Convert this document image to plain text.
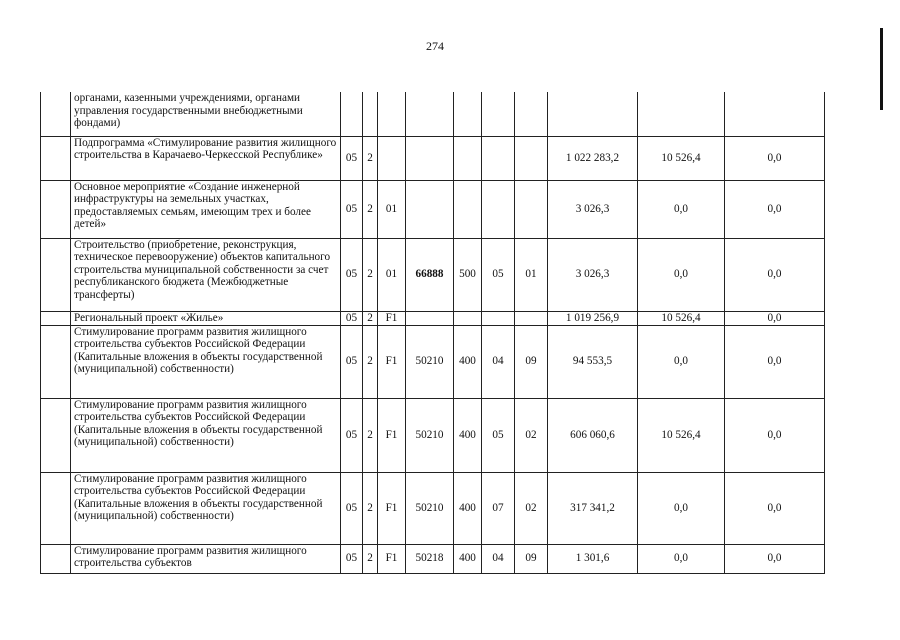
274
	органами, казенными учреждениями, органами управления государственными внебюджетными фондами)										
	Подпрограмма «Стимулирование развития жилищного строительства в Карачаево-Черкесской Республике»	05	2						1 022 283,2	10 526,4	0,0
	Основное мероприятие «Создание инженерной инфраструктуры на земельных участках, предоставляемых семьям, имеющим трех и более детей»	05	2	01					3 026,3	0,0	0,0
	Строительство (приобретение, реконструкция, техническое перевооружение) объектов капитального строительства муниципальной собственности за счет республиканского бюджета (Межбюджетные трансферты)	05	2	01	66888	500	05	01	3 026,3	0,0	0,0
	Региональный проект «Жилье»	05	2	F1					1 019 256,9	10 526,4	0,0
	Стимулирование программ развития жилищного строительства субъектов Российской Федерации (Капитальные вложения в объекты государственной (муниципальной) собственности)	05	2	F1	50210	400	04	09	94 553,5	0,0	0,0
	Стимулирование программ развития жилищного строительства субъектов Российской Федерации (Капитальные вложения в объекты государственной (муниципальной) собственности)	05	2	F1	50210	400	05	02	606 060,6	10 526,4	0,0
	Стимулирование программ развития жилищного строительства субъектов Российской Федерации (Капитальные вложения в объекты государственной (муниципальной) собственности)	05	2	F1	50210	400	07	02	317 341,2	0,0	0,0
	Стимулирование программ развития жилищного строительства субъектов	05	2	F1	50218	400	04	09	1 301,6	0,0	0,0
